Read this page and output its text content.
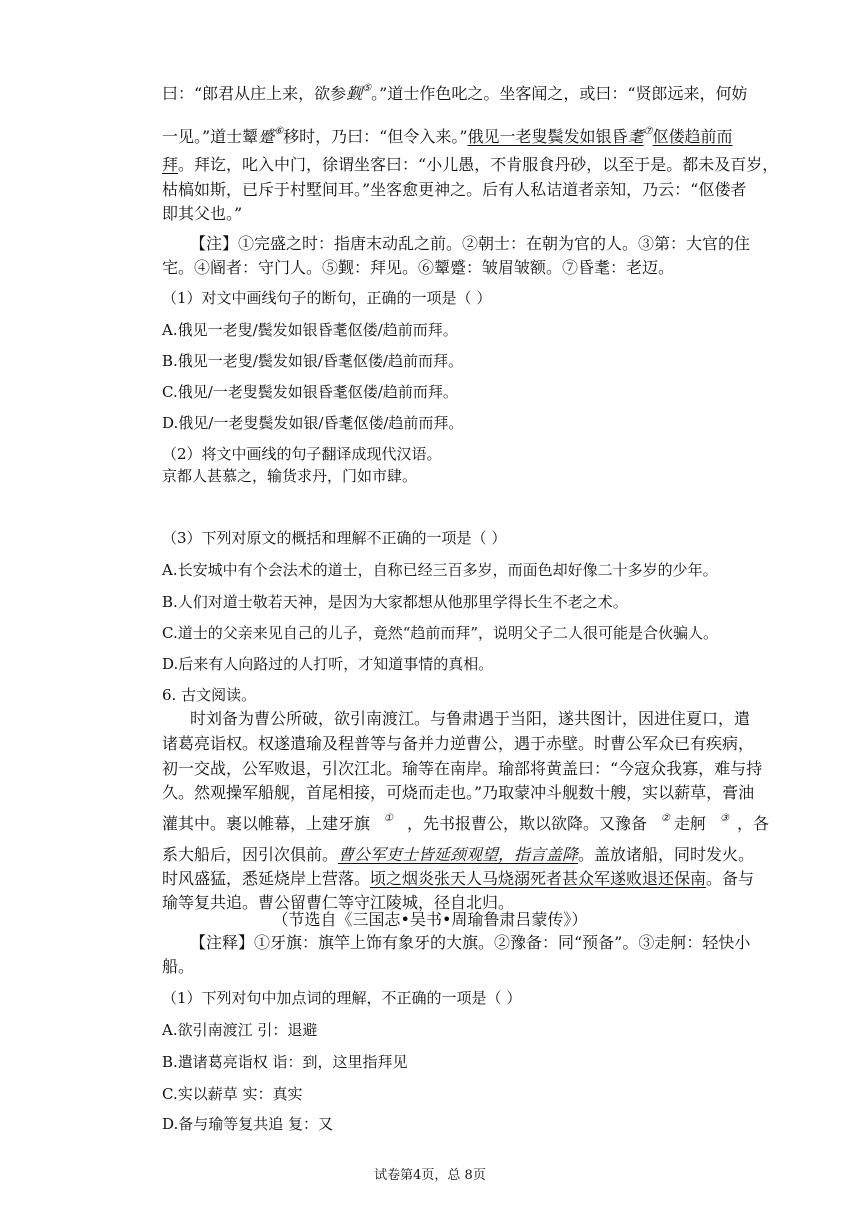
曰：“郎君从庄上来，欲参觐⑤。”道士作色叱之。坐客闻之，或曰：“贤郎远来，何妨
一见。”道士颦蹙⑥移时，乃曰：“但令入来。”俄见一老叟鬓发如银昏耄⑦伛偻趋前而
拜。拜讫，叱入中门，徐谓坐客曰：“小儿愚，不肯服食丹砂，以至于是。都未及百岁，
枯槁如斯，已斥于村墅间耳。”坐客愈更神之。后有人私诘道者亲知，乃云：“伛偻者
即其父也。”
【注】①完盛之时：指唐末动乱之前。②朝士：在朝为官的人。③第：大官的住
宅。④阍者：守门人。⑤觐：拜见。⑥颦蹙：皱眉皱额。⑦昏耄：老迈。
（1）对文中画线句子的断句，正确的一项是（ ）
A.俄见一老叟/鬓发如银昏耄伛偻/趋前而拜。
B.俄见一老叟/鬓发如银/昏耄伛偻/趋前而拜。
C.俄见/一老叟鬓发如银昏耄伛偻/趋前而拜。
D.俄见/一老叟鬓发如银/昏耄伛偻/趋前而拜。
（2）将文中画线的句子翻译成现代汉语。
京都人甚慕之，输货求丹，门如市肆。
（3）下列对原文的概括和理解不正确的一项是（ ）
A.长安城中有个会法术的道士，自称已经三百多岁，而面色却好像二十多岁的少年。
B.人们对道士敬若天神，是因为大家都想从他那里学得长生不老之术。
C.道士的父亲来见自己的儿子，竟然“趋前而拜”，说明父子二人很可能是合伙骗人。
D.后来有人向路过的人打听，才知道事情的真相。
6. 古文阅读。
时刘备为曹公所破，欲引南渡江。与鲁肃遇于当阳，遂共图计，因进住夏口，遣
诸葛亮诣权。权遂遣瑜及程普等与备并力逆曹公，遇于赤壁。时曹公军众已有疾病，
初一交战，公军败退，引次江北。瑜等在南岸。瑜部将黄盖曰：“今寇众我寡，难与持
久。然观操军船舰，首尾相接，可烧而走也。”乃取蒙冲斗舰数十艘，实以薪草，膏油
灌其中。裹以帷幕，上建牙旗 ① ，先书报曹公，欺以欲降。又豫备 ② 走舸 ③ ，各
系大船后，因引次俱前。曹公军吏士皆延颈观望，指言盖降。盖放诸船，同时发火。
时风盛猛，悉延烧岸上营落。顷之烟炎张天人马烧溺死者甚众军遂败退还保南。备与
瑜等复共追。曹公留曹仁等守江陵城，径自北归。
（节选自《三国志•吴书•周瑜鲁肃吕蒙传》）
【注释】①牙旗：旗竿上饰有象牙的大旗。②豫备：同“预备”。③走舸：轻快小
船。
（1）下列对句中加点词的理解，不正确的一项是（ ）
A.欲引南渡江 引：退避
B.遣诸葛亮诣权 诣：到，这里指拜见
C.实以薪草 实：真实
D.备与瑜等复共追 复：又
试卷第4页，总 8页
